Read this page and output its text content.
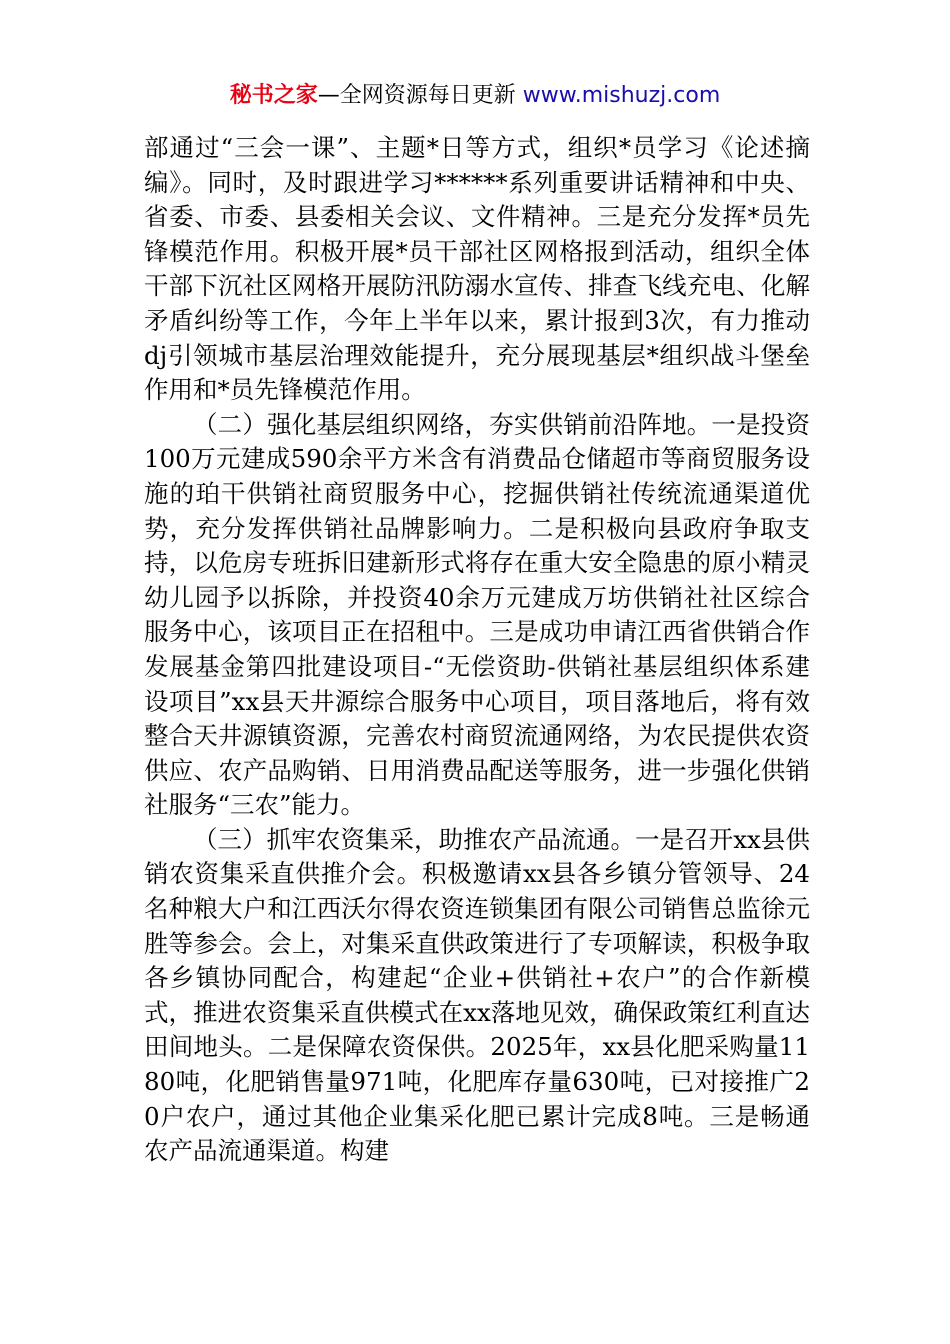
秘书之家—全网资源每日更新 www.mishuzj.com

部通过“三会一课”、主题*日等方式，组织*员学习《论述摘编》。同时，及时跟进学习******系列重要讲话精神和中央、省委、市委、县委相关会议、文件精神。三是充分发挥*员先锋模范作用。积极开展*员干部社区网格报到活动，组织全体干部下沉社区网格开展防汛防溺水宣传、排查飞线充电、化解矛盾纠纷等工作，今年上半年以来，累计报到3次，有力推动dj引领城市基层治理效能提升，充分展现基层*组织战斗堡垒作用和*员先锋模范作用。

（二）强化基层组织网络，夯实供销前沿阵地。一是投资100万元建成590余平方米含有消费品仓储超市等商贸服务设施的珀干供销社商贸服务中心，挖掘供销社传统流通渠道优势，充分发挥供销社品牌影响力。二是积极向县政府争取支持，以危房专班拆旧建新形式将存在重大安全隐患的原小精灵幼儿园予以拆除，并投资40余万元建成万坊供销社社区综合服务中心，该项目正在招租中。三是成功申请江西省供销合作发展基金第四批建设项目-“无偿资助-供销社基层组织体系建设项目”xx县天井源综合服务中心项目，项目落地后，将有效整合天井源镇资源，完善农村商贸流通网络，为农民提供农资供应、农产品购销、日用消费品配送等服务，进一步强化供销社服务“三农”能力。

（三）抓牢农资集采，助推农产品流通。一是召开xx县供销农资集采直供推介会。积极邀请xx县各乡镇分管领导、24名种粮大户和江西沃尔得农资连锁集团有限公司销售总监徐元胜等参会。会上，对集采直供政策进行了专项解读，积极争取各乡镇协同配合，构建起“企业+供销社+农户”的合作新模式，推进农资集采直供模式在xx落地见效，确保政策红利直达田间地头。二是保障农资保供。2025年，xx县化肥采购量1180吨，化肥销售量971吨，化肥库存量630吨，已对接推广20户农户，通过其他企业集采化肥已累计完成8吨。三是畅通农产品流通渠道。构建
